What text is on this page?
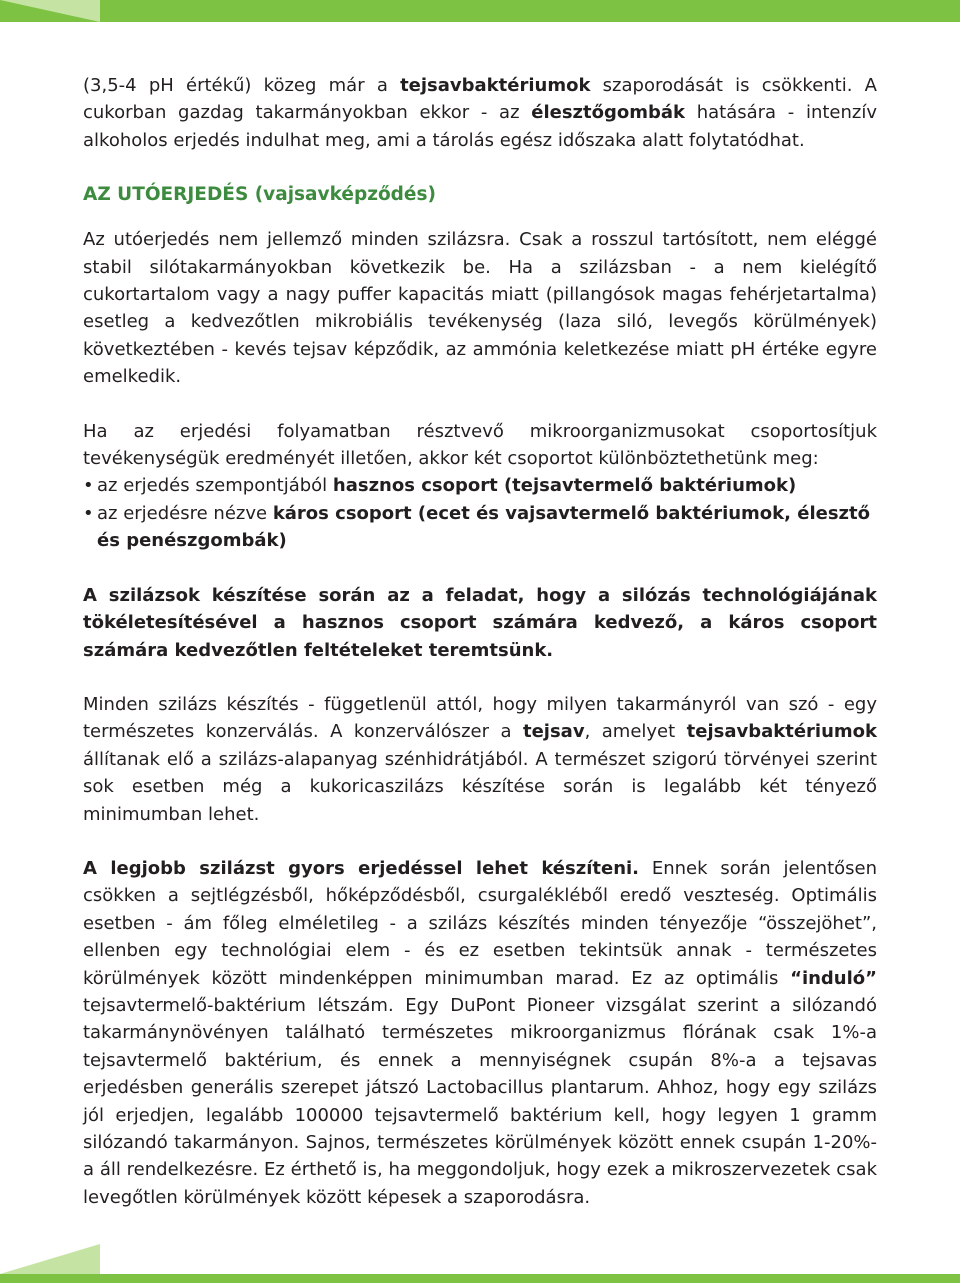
(3,5-4 pH értékű) közeg már a tejsavbaktériumok szaporodását is csökkenti. A cukorban gazdag takarmányokban ekkor - az élesztőgombák hatására - intenzív alkoholos erjedés indulhat meg, ami a tárolás egész időszaka alatt folytatódhat.

AZ UTÓERJEDÉS (vajsavképződés)

Az utóerjedés nem jellemző minden szilázsra. Csak a rosszul tartósított, nem eléggé stabil silótakarmányokban következik be. Ha a szilázsban - a nem kielégítő cukortartalom vagy a nagy puffer kapacitás miatt (pillangósok magas fehérjetartalma) esetleg a kedvezőtlen mikrobiális tevékenység (laza siló, levegős körülmények) következtében - kevés tejsav képződik, az ammónia keletkezése miatt pH értéke egyre emelkedik.

Ha az erjedési folyamatban résztvevő mikroorganizmusokat csoportosítjuk tevékenységük eredményét illetően, akkor két csoportot különböztethetünk meg:

• az erjedés szempontjából hasznos csoport (tejsavtermelő baktériumok)
• az erjedésre nézve káros csoport (ecet és vajsavtermelő baktériumok, élesztő és penészgombák)

A szilázsok készítése során az a feladat, hogy a silózás technológiájának tökéletesítésével a hasznos csoport számára kedvező, a káros csoport számára kedvezőtlen feltételeket teremtsünk.

Minden szilázs készítés - függetlenül attól, hogy milyen takarmányról van szó - egy természetes konzerválás. A konzerválószer a tejsav, amelyet tejsavbaktériumok állítanak elő a szilázs-alapanyag szénhidrátjából. A természet szigorú törvényei szerint sok esetben még a kukoricaszilázs készítése során is legalább két tényező minimumban lehet.

A legjobb szilázst gyors erjedéssel lehet készíteni. Ennek során jelentősen csökken a sejtlégzésből, hőképződésből, csurgalékléből eredő veszteség. Optimális esetben - ám főleg elméletileg - a szilázs készítés minden tényezője “összejöhet”, ellenben egy technológiai elem - és ez esetben tekintsük annak - természetes körülmények között mindenképpen minimumban marad. Ez az optimális “induló” tejsavtermelő-baktérium létszám. Egy DuPont Pioneer vizsgálat szerint a silózandó takarmánynövényen található természetes mikroorganizmus flórának csak 1%-a tejsavtermelő baktérium, és ennek a mennyiségnek csupán 8%-a a tejsavas erjedésben generális szerepet játszó Lactobacillus plantarum. Ahhoz, hogy egy szilázs jól erjedjen, legalább 100000 tejsavtermelő baktérium kell, hogy legyen 1 gramm silózandó takarmányon. Sajnos, természetes körülmények között ennek csupán 1-20%-a áll rendelkezésre. Ez érthető is, ha meggondoljuk, hogy ezek a mikroszervezetek csak levegőtlen körülmények között képesek a szaporodásra.
